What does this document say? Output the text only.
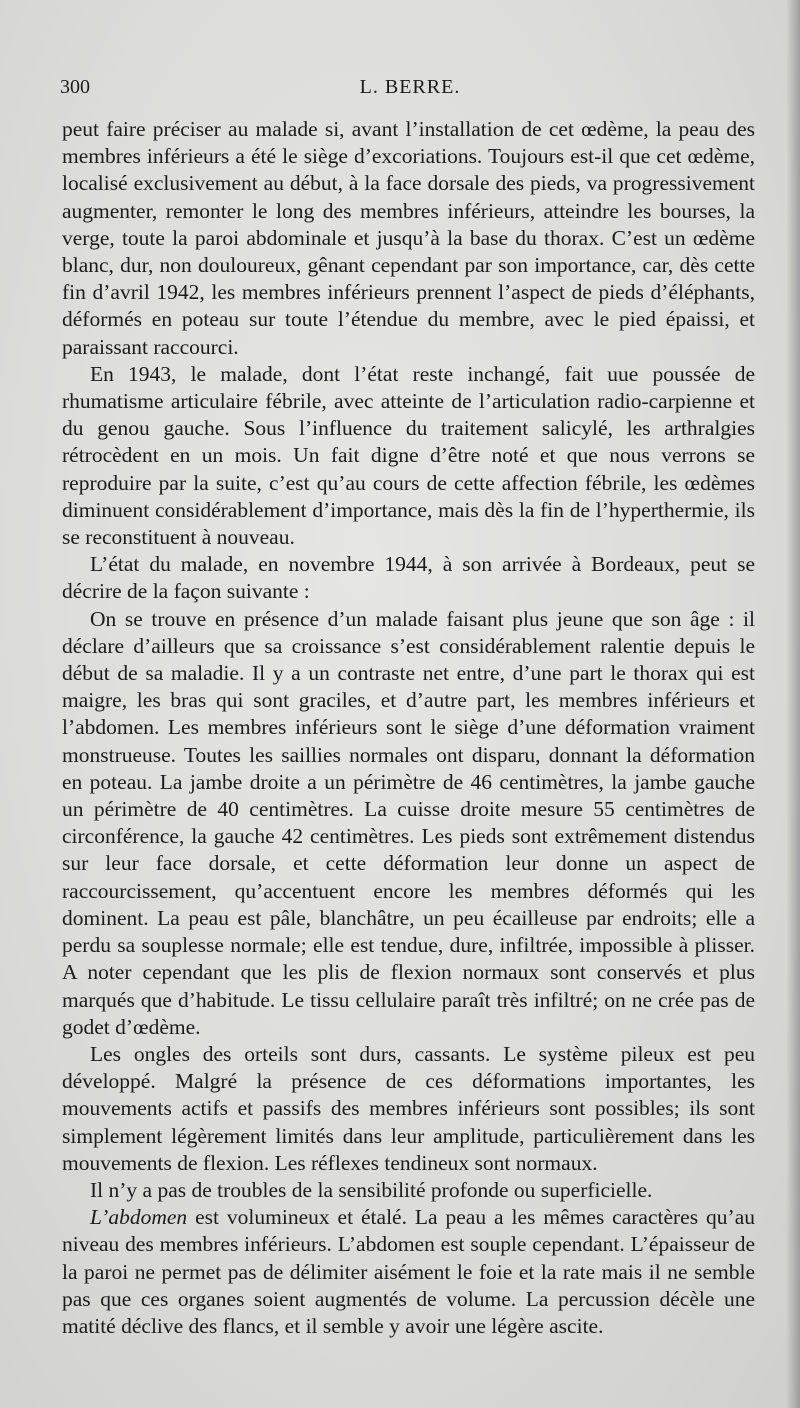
300	L. BERRE.

peut faire préciser au malade si, avant l’installation de cet œdème, la peau des membres inférieurs a été le siège d’excoriations. Toujours est-il que cet œdème, localisé exclusivement au début, à la face dorsale des pieds, va progressivement augmenter, remonter le long des membres inférieurs, atteindre les bourses, la verge, toute la paroi abdominale et jusqu’à la base du thorax. C’est un œdème blanc, dur, non douloureux, gênant cependant par son importance, car, dès cette fin d’avril 1942, les membres inférieurs prennent l’aspect de pieds d’éléphants, déformés en poteau sur toute l’étendue du membre, avec le pied épaissi, et paraissant raccourci.

En 1943, le malade, dont l’état reste inchangé, fait uue poussée de rhumatisme articulaire fébrile, avec atteinte de l’articulation radio-carpienne et du genou gauche. Sous l’influence du traitement salicylé, les arthralgies rétrocèdent en un mois. Un fait digne d’être noté et que nous verrons se reproduire par la suite, c’est qu’au cours de cette affection fébrile, les œdèmes diminuent considérablement d’importance, mais dès la fin de l’hyperthermie, ils se reconstituent à nouveau.

L’état du malade, en novembre 1944, à son arrivée à Bordeaux, peut se décrire de la façon suivante :

On se trouve en présence d’un malade faisant plus jeune que son âge : il déclare d’ailleurs que sa croissance s’est considérablement ralentie depuis le début de sa maladie. Il y a un contraste net entre, d’une part le thorax qui est maigre, les bras qui sont graciles, et d’autre part, les membres inférieurs et l’abdomen. Les membres inférieurs sont le siège d’une déformation vraiment monstrueuse. Toutes les saillies normales ont disparu, donnant la déformation en poteau. La jambe droite a un périmètre de 46 centimètres, la jambe gauche un périmètre de 40 centimètres. La cuisse droite mesure 55 centimètres de circonférence, la gauche 42 centimètres. Les pieds sont extrêmement distendus sur leur face dorsale, et cette déformation leur donne un aspect de raccourcissement, qu’accentuent encore les membres déformés qui les dominent. La peau est pâle, blanchâtre, un peu écailleuse par endroits; elle a perdu sa souplesse normale; elle est tendue, dure, infiltrée, impossible à plisser. A noter cependant que les plis de flexion normaux sont conservés et plus marqués que d’habitude. Le tissu cellulaire paraît très infiltré; on ne crée pas de godet d’œdème.

Les ongles des orteils sont durs, cassants. Le système pileux est peu développé. Malgré la présence de ces déformations importantes, les mouvements actifs et passifs des membres inférieurs sont possibles; ils sont simplement légèrement limités dans leur amplitude, particulièrement dans les mouvements de flexion. Les réflexes tendineux sont normaux.

Il n’y a pas de troubles de la sensibilité profonde ou superficielle.

L’abdomen est volumineux et étalé. La peau a les mêmes caractères qu’au niveau des membres inférieurs. L’abdomen est souple cependant. L’épaisseur de la paroi ne permet pas de délimiter aisément le foie et la rate mais il ne semble pas que ces organes soient augmentés de volume. La percussion décèle une matité déclive des flancs, et il semble y avoir une légère ascite.
